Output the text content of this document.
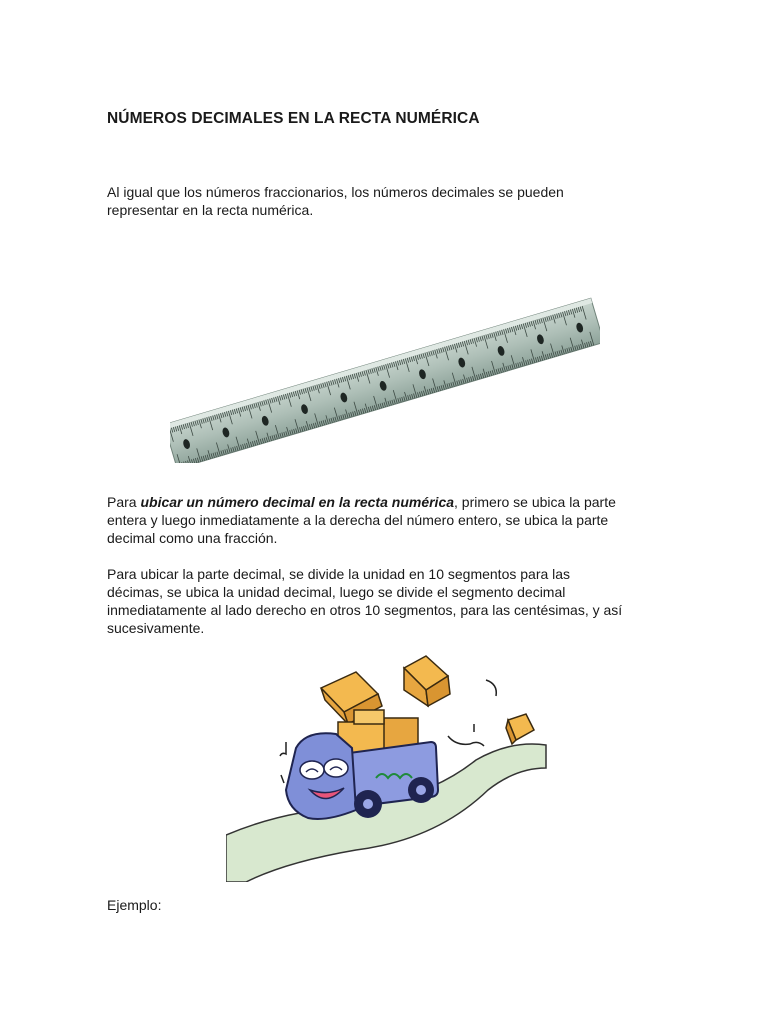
NÚMEROS DECIMALES EN LA RECTA NUMÉRICA
Al igual que los números fraccionarios, los números decimales se pueden
representar en la recta numérica.
Para ubicar un número decimal en la recta numérica, primero se ubica la parte
entera y luego inmediatamente a la derecha del número entero, se ubica la parte
decimal como una fracción.
Para ubicar la parte decimal, se divide la unidad en 10 segmentos para las
décimas, se ubica la unidad decimal, luego se divide el segmento decimal
inmediatamente al lado derecho en otros 10 segmentos, para las centésimas, y así
sucesivamente.

Ejemplo:
